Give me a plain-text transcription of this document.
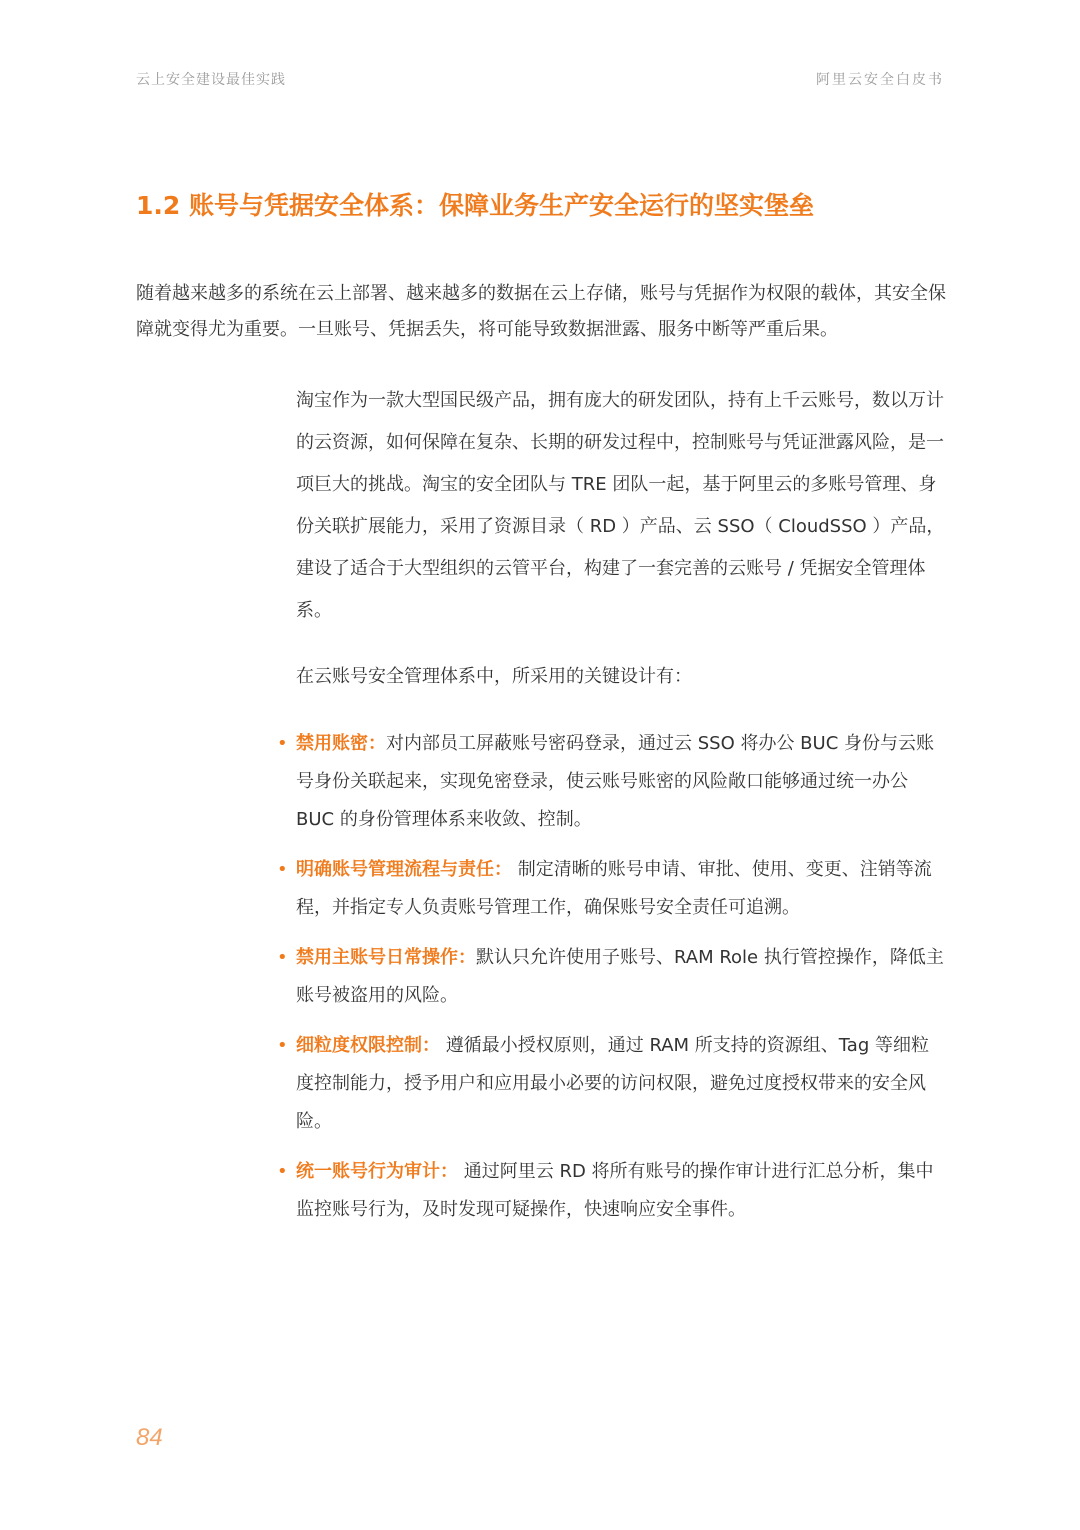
云上安全建设最佳实践	阿里云安全白皮书
1.2 账号与凭据安全体系：保障业务生产安全运行的坚实堡垒

随着越来越多的系统在云上部署、越来越多的数据在云上存储，账号与凭据作为权限的载体，其安全保障就变得尤为重要。一旦账号、凭据丢失，将可能导致数据泄露、服务中断等严重后果。

淘宝作为一款大型国民级产品，拥有庞大的研发团队，持有上千云账号，数以万计的云资源，如何保障在复杂、长期的研发过程中，控制账号与凭证泄露风险，是一项巨大的挑战。淘宝的安全团队与 TRE 团队一起，基于阿里云的多账号管理、身份关联扩展能力，采用了资源目录（ RD ）产品、云 SSO（ CloudSSO ）产品，建设了适合于大型组织的云管平台，构建了一套完善的云账号 / 凭据安全管理体系。

在云账号安全管理体系中，所采用的关键设计有：

• 禁用账密：对内部员工屏蔽账号密码登录，通过云 SSO 将办公 BUC 身份与云账号身份关联起来，实现免密登录，使云账号账密的风险敞口能够通过统一办公 BUC 的身份管理体系来收敛、控制。
• 明确账号管理流程与责任： 制定清晰的账号申请、审批、使用、变更、注销等流程，并指定专人负责账号管理工作，确保账号安全责任可追溯。
• 禁用主账号日常操作：默认只允许使用子账号、RAM Role 执行管控操作，降低主账号被盗用的风险。
• 细粒度权限控制： 遵循最小授权原则，通过 RAM 所支持的资源组、Tag 等细粒度控制能力，授予用户和应用最小必要的访问权限，避免过度授权带来的安全风险。
• 统一账号行为审计： 通过阿里云 RD 将所有账号的操作审计进行汇总分析，集中监控账号行为，及时发现可疑操作，快速响应安全事件。
84
